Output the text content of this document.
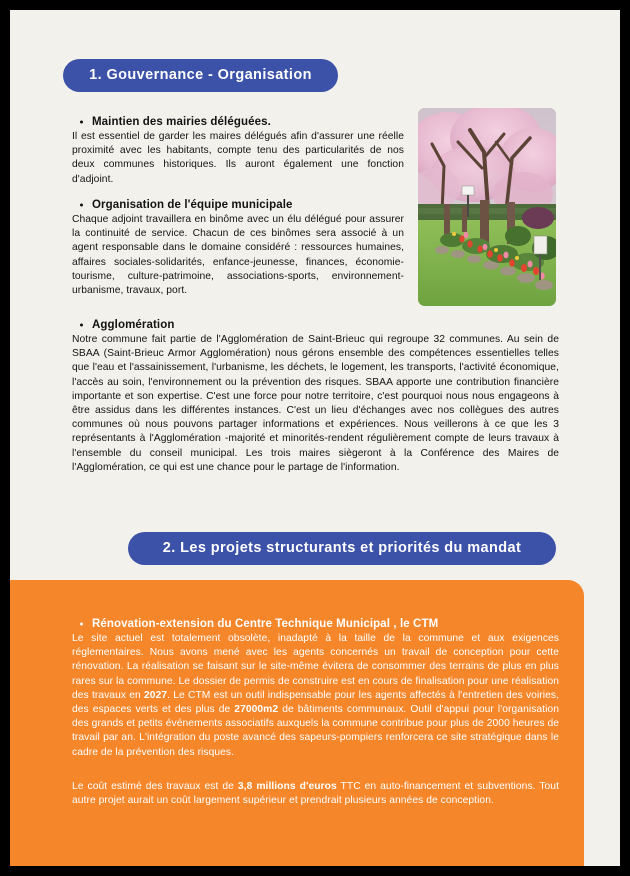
1. Gouvernance - Organisation
Maintien des mairies déléguées.

Il est essentiel de garder les maires délégués afin d'assurer une réelle proximité avec les habitants, compte tenu des particularités de nos deux communes historiques. Ils auront également une fonction d'adjoint.

Organisation de l'équipe municipale

Chaque adjoint travaillera en binôme avec un élu délégué pour assurer la continuité de service. Chacun de ces binômes sera associé à un agent responsable dans le domaine considéré : ressources humaines, affaires sociales-solidarités, enfance-jeunesse, finances, économie-tourisme, culture-patrimoine, associations-sports, environnement-urbanisme, travaux, port.

Agglomération

Notre commune fait partie de l'Agglomération de Saint-Brieuc qui regroupe 32 communes. Au sein de SBAA (Saint-Brieuc Armor Agglomération) nous gérons ensemble des compétences essentielles telles que l'eau et l'assainissement, l'urbanisme, les déchets, le logement, les transports, l'activité économique, l'accès au soin, l'environnement ou la prévention des risques. SBAA apporte une contribution financière importante et son expertise. C'est une force pour notre territoire, c'est pourquoi nous nous engageons à être assidus dans les différentes instances. C'est un lieu d'échanges avec nos collègues des autres communes où nous pouvons partager informations et expériences. Nous veillerons à ce que les 3 représentants à l'Agglomération -majorité et minorités-rendent régulièrement compte de leurs travaux à l'ensemble du conseil municipal. Les trois maires siègeront à la Conférence des Maires de l'Agglomération, ce qui est une chance pour le partage de l'information.

2. Les projets structurants et priorités du mandat
Rénovation-extension du Centre Technique Municipal , le CTM

Le site actuel est totalement obsolète, inadapté à la taille de la commune et aux exigences réglementaires. Nous avons mené avec les agents concernés un travail de conception pour cette rénovation. La réalisation se faisant sur le site-même évitera de consommer des terrains de plus en plus rares sur la commune. Le dossier de permis de construire est en cours de finalisation pour une réalisation des travaux en 2027. Le CTM est un outil indispensable pour les agents affectés à l'entretien des voiries, des espaces verts et des plus de 27000m2 de bâtiments communaux. Outil d'appui pour l'organisation des grands et petits événements associatifs auxquels la commune contribue pour plus de 2000 heures de travail par an. L'intégration du poste avancé des sapeurs-pompiers renforcera ce site stratégique dans le cadre de la prévention des risques.

Le coût estimé des travaux est de 3,8 millions d'euros TTC en auto-financement et subventions. Tout autre projet aurait un coût largement supérieur et prendrait plusieurs années de conception.
